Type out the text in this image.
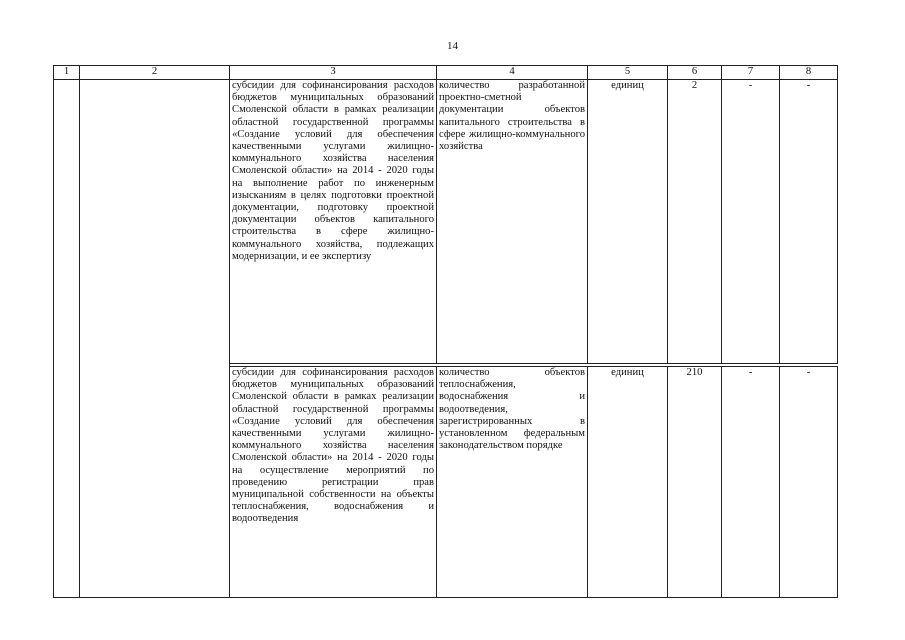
14
1	2	3	4	5	6	7	8
		субсидии для софинансирования расходов бюджетов муниципальных образований Смоленской области в рамках реализации областной государственной программы «Создание условий для обеспечения качественными услугами жилищно-коммунального хозяйства населения Смоленской области» на 2014 - 2020 годы на выполнение работ по инженерным изысканиям в целях подготовки проектной документации, подготовку проектной документации объектов капитального строительства в сфере жилищно-коммунального хозяйства, подлежащих модернизации, и ее экспертизу	количество разработанной проектно-сметной документации объектов капитального строительства в сфере жилищно-коммунального хозяйства	единиц	2	-	-

		субсидии для софинансирования расходов бюджетов муниципальных образований Смоленской области в рамках реализации областной государственной программы «Создание условий для обеспечения качественными услугами жилищно-коммунального хозяйства населения Смоленской области» на 2014 - 2020 годы на осуществление мероприятий по проведению регистрации прав муниципальной собственности на объекты теплоснабжения, водоснабжения и водоотведения	количество объектов теплоснабжения, водоснабжения и водоотведения, зарегистрированных в установленном федеральным законодательством порядке	единиц	210	-	-
